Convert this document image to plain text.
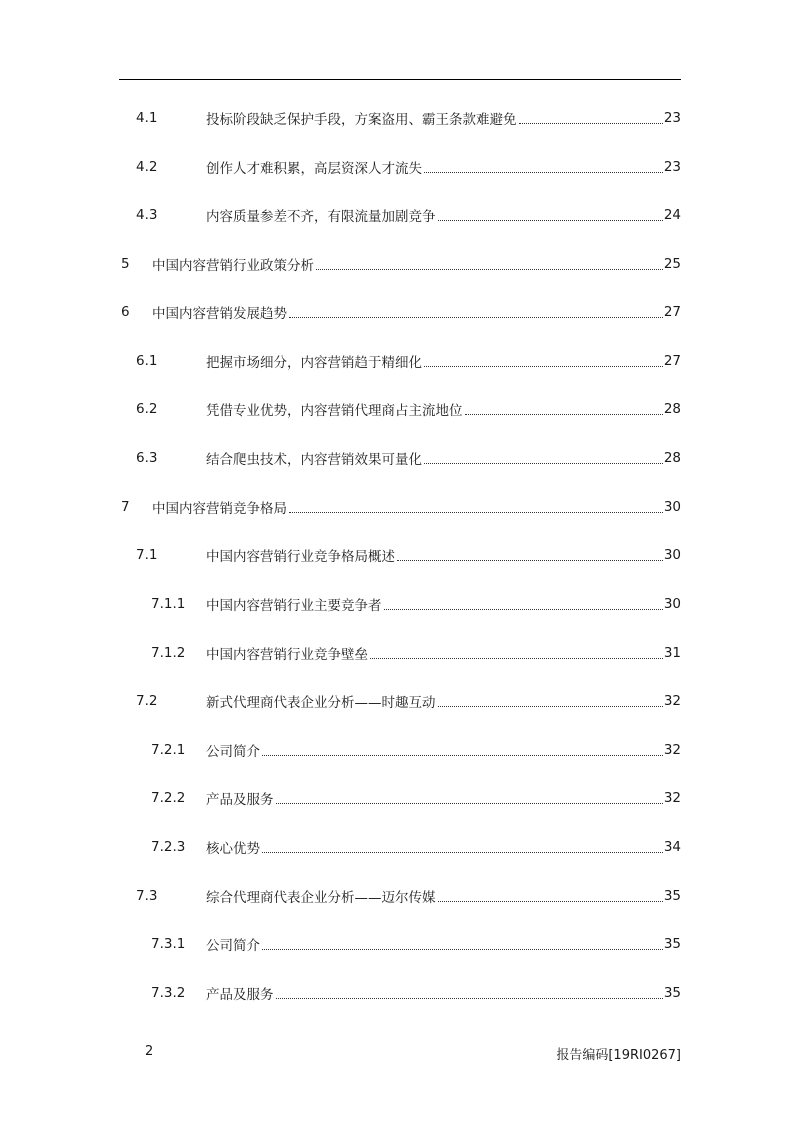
4.1	投标阶段缺乏保护手段，方案盗用、霸王条款难避免	23
4.2	创作人才难积累，高层资深人才流失	23
4.3	内容质量参差不齐，有限流量加剧竞争	24
5	中国内容营销行业政策分析	25
6	中国内容营销发展趋势	27
6.1	把握市场细分，内容营销趋于精细化	27
6.2	凭借专业优势，内容营销代理商占主流地位	28
6.3	结合爬虫技术，内容营销效果可量化	28
7	中国内容营销竞争格局	30
7.1	中国内容营销行业竞争格局概述	30
7.1.1	中国内容营销行业主要竞争者	30
7.1.2	中国内容营销行业竞争壁垒	31
7.2	新式代理商代表企业分析——时趣互动	32
7.2.1	公司简介	32
7.2.2	产品及服务	32
7.2.3	核心优势	34
7.3	综合代理商代表企业分析——迈尔传媒	35
7.3.1	公司简介	35
7.3.2	产品及服务	35
2	报告编码[19RI0267]
